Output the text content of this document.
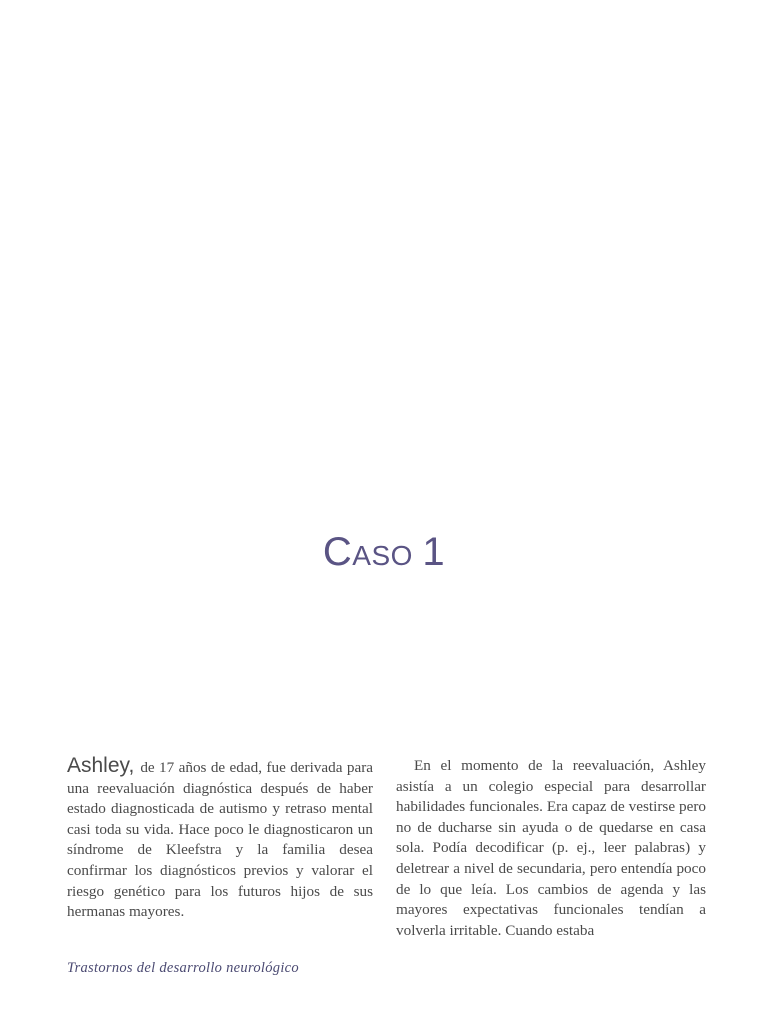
CASO 1

Ashley, de 17 años de edad, fue derivada para una reevaluación diagnóstica después de haber estado diagnosticada de autismo y retraso mental casi toda su vida. Hace poco le diagnosticaron un síndrome de Kleefstra y la familia desea confirmar los diagnósticos previos y valorar el riesgo genético para los futuros hijos de sus hermanas mayores.

En el momento de la reevaluación, Ashley asistía a un colegio especial para desarrollar habilidades funcionales. Era capaz de vestirse pero no de ducharse sin ayuda o de quedarse en casa sola. Podía decodificar (p. ej., leer palabras) y deletrear a nivel de secundaria, pero entendía poco de lo que leía. Los cambios de agenda y las mayores expectativas funcionales tendían a volverla irritable. Cuando estaba

Trastornos del desarrollo neurológico
